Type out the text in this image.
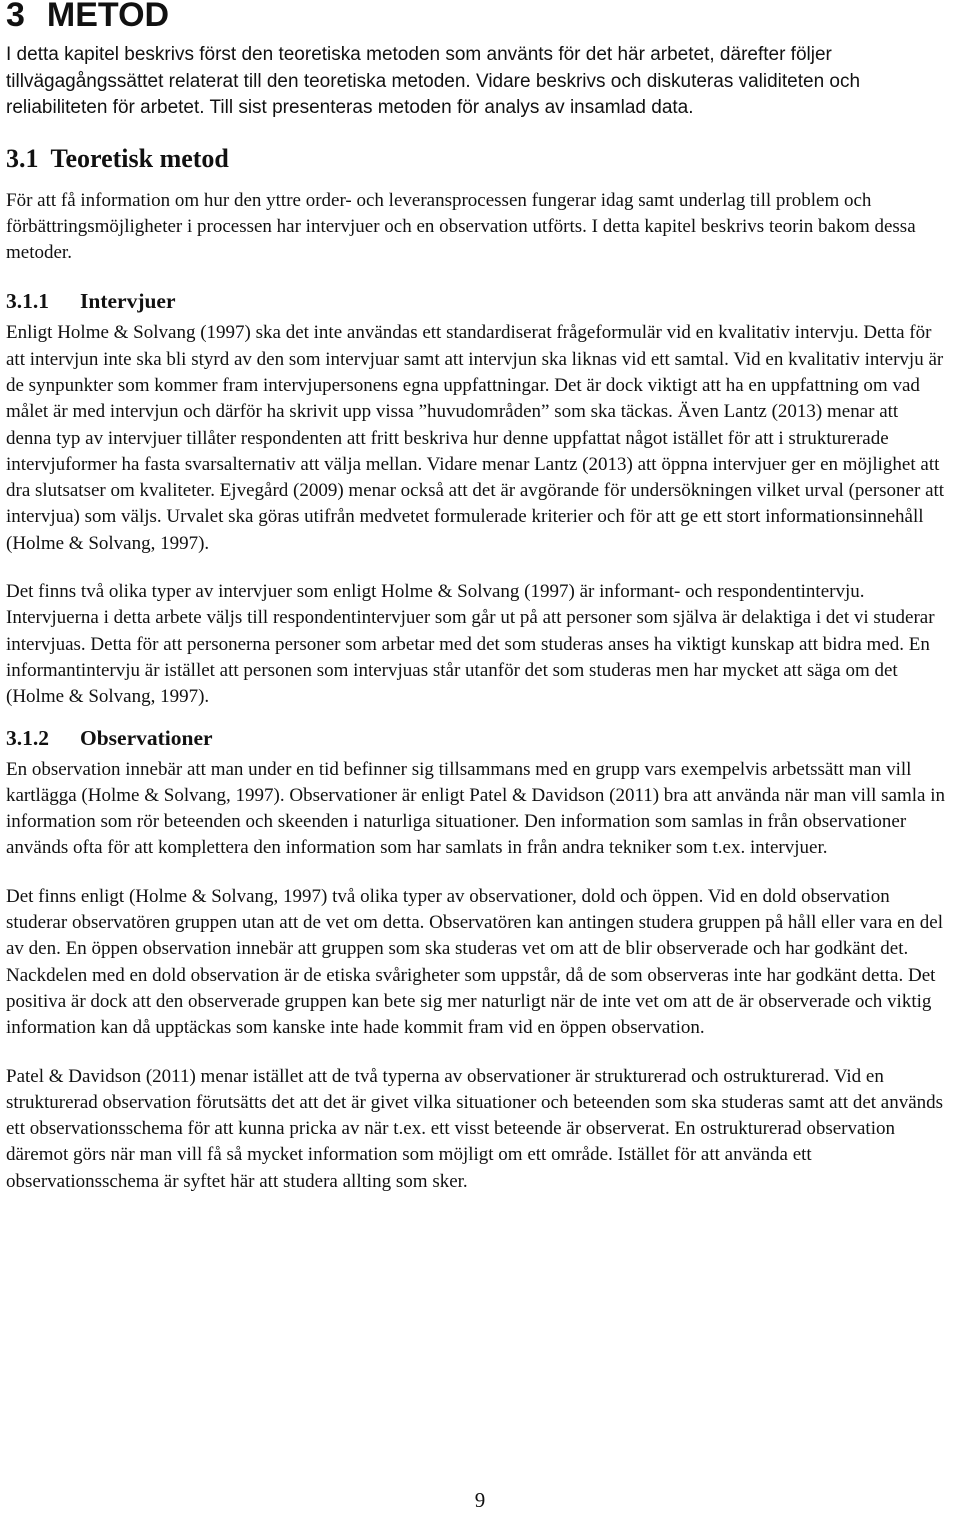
3 METOD

I detta kapitel beskrivs först den teoretiska metoden som använts för det här arbetet, därefter följer tillvägagångssättet relaterat till den teoretiska metoden. Vidare beskrivs och diskuteras validiteten och reliabiliteten för arbetet. Till sist presenteras metoden för analys av insamlad data.

3.1 Teoretisk metod

För att få information om hur den yttre order- och leveransprocessen fungerar idag samt underlag till problem och förbättringsmöjligheter i processen har intervjuer och en observation utförts. I detta kapitel beskrivs teorin bakom dessa metoder.

3.1.1 Intervjuer

Enligt Holme & Solvang (1997) ska det inte användas ett standardiserat frågeformulär vid en kvalitativ intervju. Detta för att intervjun inte ska bli styrd av den som intervjuar samt att intervjun ska liknas vid ett samtal. Vid en kvalitativ intervju är de synpunkter som kommer fram intervjupersonens egna uppfattningar. Det är dock viktigt att ha en uppfattning om vad målet är med intervjun och därför ha skrivit upp vissa ”huvudområden” som ska täckas. Även Lantz (2013) menar att denna typ av intervjuer tillåter respondenten att fritt beskriva hur denne uppfattat något istället för att i strukturerade intervjuformer ha fasta svarsalternativ att välja mellan. Vidare menar Lantz (2013) att öppna intervjuer ger en möjlighet att dra slutsatser om kvaliteter. Ejvegård (2009) menar också att det är avgörande för undersökningen vilket urval (personer att intervjua) som väljs. Urvalet ska göras utifrån medvetet formulerade kriterier och för att ge ett stort informationsinnehåll (Holme & Solvang, 1997).

Det finns två olika typer av intervjuer som enligt Holme & Solvang (1997) är informant- och respondentintervju. Intervjuerna i detta arbete väljs till respondentintervjuer som går ut på att personer som själva är delaktiga i det vi studerar intervjuas. Detta för att personerna personer som arbetar med det som studeras anses ha viktigt kunskap att bidra med. En informantintervju är istället att personen som intervjuas står utanför det som studeras men har mycket att säga om det (Holme & Solvang, 1997).

3.1.2 Observationer

En observation innebär att man under en tid befinner sig tillsammans med en grupp vars exempelvis arbetssätt man vill kartlägga (Holme & Solvang, 1997). Observationer är enligt Patel & Davidson (2011) bra att använda när man vill samla in information som rör beteenden och skeenden i naturliga situationer. Den information som samlas in från observationer används ofta för att komplettera den information som har samlats in från andra tekniker som t.ex. intervjuer.

Det finns enligt (Holme & Solvang, 1997) två olika typer av observationer, dold och öppen. Vid en dold observation studerar observatören gruppen utan att de vet om detta. Observatören kan antingen studera gruppen på håll eller vara en del av den. En öppen observation innebär att gruppen som ska studeras vet om att de blir observerade och har godkänt det. Nackdelen med en dold observation är de etiska svårigheter som uppstår, då de som observeras inte har godkänt detta. Det positiva är dock att den observerade gruppen kan bete sig mer naturligt när de inte vet om att de är observerade och viktig information kan då upptäckas som kanske inte hade kommit fram vid en öppen observation.

Patel & Davidson (2011) menar istället att de två typerna av observationer är strukturerad och ostrukturerad. Vid en strukturerad observation förutsätts det att det är givet vilka situationer och beteenden som ska studeras samt att det används ett observationsschema för att kunna pricka av när t.ex. ett visst beteende är observerat. En ostrukturerad observation däremot görs när man vill få så mycket information som möjligt om ett område. Istället för att använda ett observationsschema är syftet här att studera allting som sker.

9
